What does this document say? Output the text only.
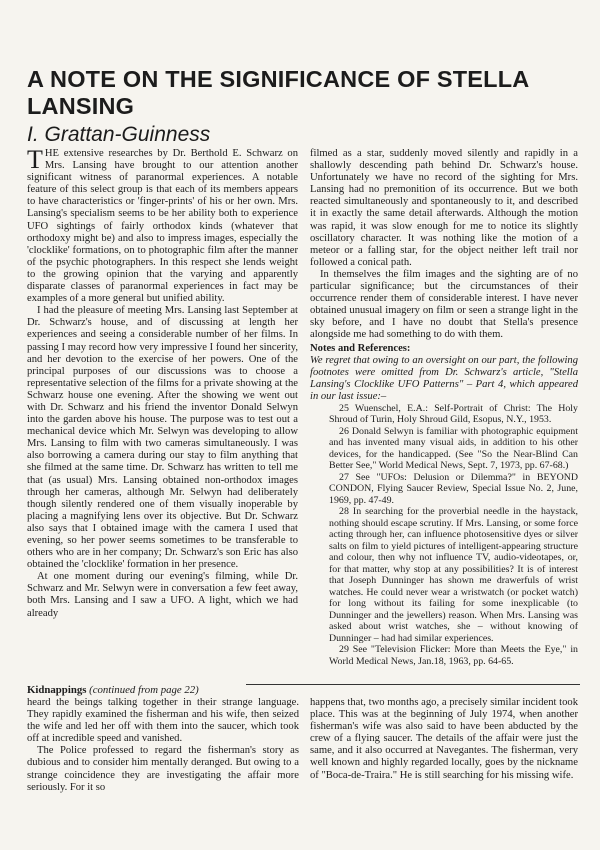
A NOTE ON THE SIGNIFICANCE OF STELLA LANSING
I. Grattan-Guinness

THE extensive researches by Dr. Berthold E. Schwarz on Mrs. Lansing have brought to our attention another significant witness of paranormal experiences. A notable feature of this select group is that each of its members appears to have characteristics or 'finger-prints' of his or her own. Mrs. Lansing's specialism seems to be her ability both to experience UFO sightings of fairly orthodox kinds (whatever that orthodoxy might be) and also to impress images, especially the 'clocklike' formations, on to photographic film after the manner of the psychic photographers. In this respect she lends weight to the growing opinion that the varying and apparently disparate classes of paranormal experiences in fact may be examples of a more general but unified ability.

I had the pleasure of meeting Mrs. Lansing last September at Dr. Schwarz's house, and of discussing at length her experiences and seeing a considerable number of her films. In passing I may record how very impressive I found her sincerity, and her devotion to the exercise of her powers. One of the principal purposes of our discussions was to choose a representative selection of the films for a private showing at the Schwarz house one evening. After the showing we went out with Dr. Schwarz and his friend the inventor Donald Selwyn into the garden above his house. The purpose was to test out a mechanical device which Mr. Selwyn was developing to allow Mrs. Lansing to film with two cameras simultaneously. I was also borrowing a camera during our stay to film anything that she filmed at the same time. Dr. Schwarz has written to tell me that (as usual) Mrs. Lansing obtained non-orthodox images through her cameras, although Mr. Selwyn had deliberately though silently rendered one of them visually inoperable by placing a magnifying lens over its objective. But Dr. Schwarz also says that I obtained image with the camera I used that evening, so her power seems sometimes to be transferable to others who are in her company; Dr. Schwarz's son Eric has also obtained the 'clocklike' formation in her presence.

At one moment during our evening's filming, while Dr. Schwarz and Mr. Selwyn were in conversation a few feet away, both Mrs. Lansing and I saw a UFO. A light, which we had already

filmed as a star, suddenly moved silently and rapidly in a shallowly descending path behind Dr. Schwarz's house. Unfortunately we have no record of the sighting for Mrs. Lansing had no premonition of its occurrence. But we both reacted simultaneously and spontaneously to it, and described it in exactly the same detail afterwards. Although the motion was rapid, it was slow enough for me to notice its slightly oscillatory character. It was nothing like the motion of a meteor or a falling star, for the object neither left trail nor followed a conical path.

In themselves the film images and the sighting are of no particular significance; but the circumstances of their occurrence render them of considerable interest. I have never obtained unusual imagery on film or seen a strange light in the sky before, and I have no doubt that Stella's presence alongside me had something to do with them.

Notes and References:

We regret that owing to an oversight on our part, the following footnotes were omitted from Dr. Schwarz's article, "Stella Lansing's Clocklike UFO Patterns" – Part 4, which appeared in our last issue:–

25 Wuenschel, E.A.: Self-Portrait of Christ: The Holy Shroud of Turin, Holy Shroud Gild, Esopus, N.Y., 1953.

26 Donald Selwyn is familiar with photographic equipment and has invented many visual aids, in addition to his other devices, for the handicapped. (See "So the Near-Blind Can Better See," World Medical News, Sept. 7, 1973, pp. 67-68.)

27 See "UFOs: Delusion or Dilemma?" in BEYOND CONDON, Flying Saucer Review, Special Issue No. 2, June, 1969, pp. 47-49.

28 In searching for the proverbial needle in the haystack, nothing should escape scrutiny. If Mrs. Lansing, or some force acting through her, can influence photosensitive dyes or silver salts on film to yield pictures of intelligent-appearing structure and colour, then why not influence TV, audio-videotapes, or, for that matter, why stop at any possibilities? It is of interest that Joseph Dunninger has shown me drawerfuls of wrist watches. He could never wear a wristwatch (or pocket watch) for long without its failing for some inexplicable (to Dunninger and the jewellers) reason. When Mrs. Lansing was asked about wrist watches, she – without knowing of Dunninger – had had similar experiences.

29 See "Television Flicker: More than Meets the Eye," in World Medical News, Jan.18, 1963, pp. 64-65.

Kidnappings (continued from page 22)

heard the beings talking together in their strange language. They rapidly examined the fisherman and his wife, then seized the wife and led her off with them into the saucer, which took off at incredible speed and vanished.

The Police professed to regard the fisherman's story as dubious and to consider him mentally deranged. But owing to a strange coincidence they are investigating the affair more seriously. For it so

happens that, two months ago, a precisely similar incident took place. This was at the beginning of July 1974, when another fisherman's wife was also said to have been abducted by the crew of a flying saucer. The details of the affair were just the same, and it also occurred at Navegantes. The fisherman, very well known and highly regarded locally, goes by the nickname of "Boca-de-Traira." He is still searching for his missing wife.
